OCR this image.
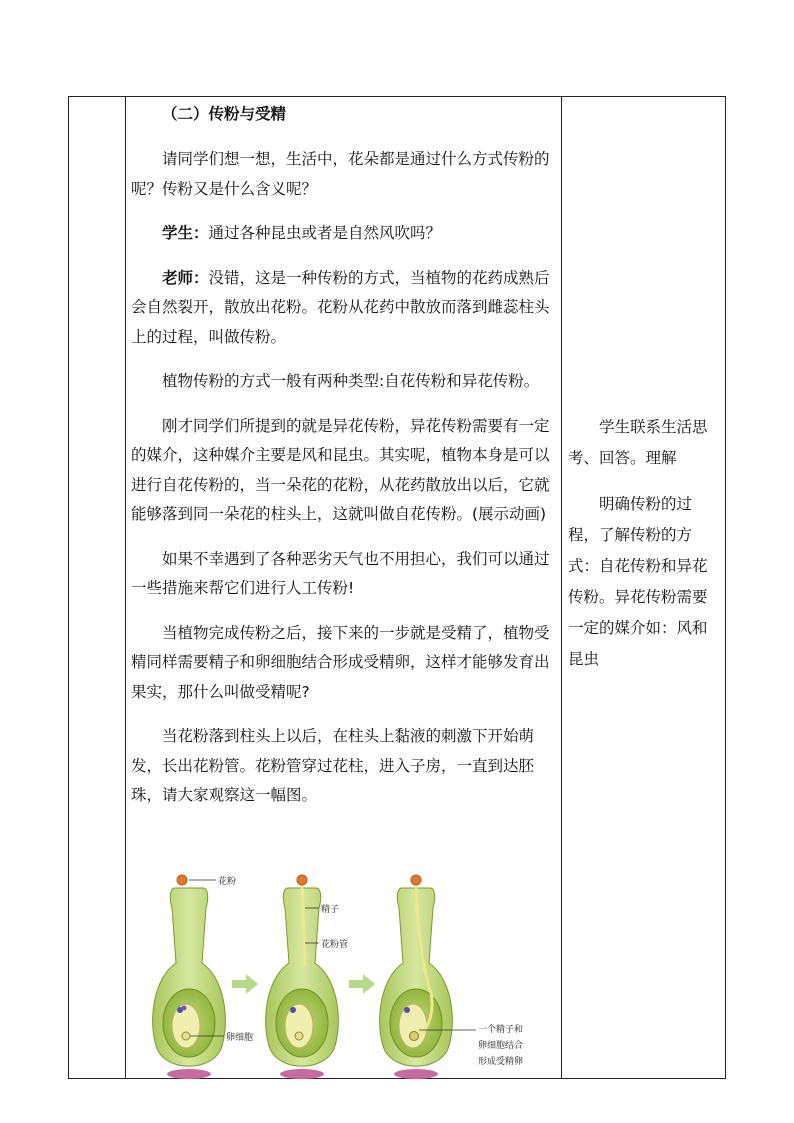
（二）传粉与受精

请同学们想一想，生活中，花朵都是通过什么方式传粉的呢？传粉又是什么含义呢？

学生：通过各种昆虫或者是自然风吹吗？

老师：没错，这是一种传粉的方式，当植物的花药成熟后会自然裂开，散放出花粉。花粉从花药中散放而落到雌蕊柱头上的过程，叫做传粉。

植物传粉的方式一般有两种类型:自花传粉和异花传粉。

刚才同学们所提到的就是异花传粉，异花传粉需要有一定的媒介，这种媒介主要是风和昆虫。其实呢，植物本身是可以进行自花传粉的，当一朵花的花粉，从花药散放出以后，它就能够落到同一朵花的柱头上，这就叫做自花传粉。(展示动画)

如果不幸遇到了各种恶劣天气也不用担心，我们可以通过一些措施来帮它们进行人工传粉!

当植物完成传粉之后，接下来的一步就是受精了，植物受精同样需要精子和卵细胞结合形成受精卵，这样才能够发育出果实，那什么叫做受精呢?

当花粉落到柱头上以后，在柱头上黏液的刺激下开始萌发，长出花粉管。花粉管穿过花柱，进入子房，一直到达胚珠，请大家观察这一幅图。

学生联系生活思考、回答。理解

明确传粉的过程，了解传粉的方式：自花传粉和异花传粉。异花传粉需要一定的媒介如：风和昆虫

花粉
卵细胞
精子
花粉管
一个精子和
卵细胞结合
形成受精卵
